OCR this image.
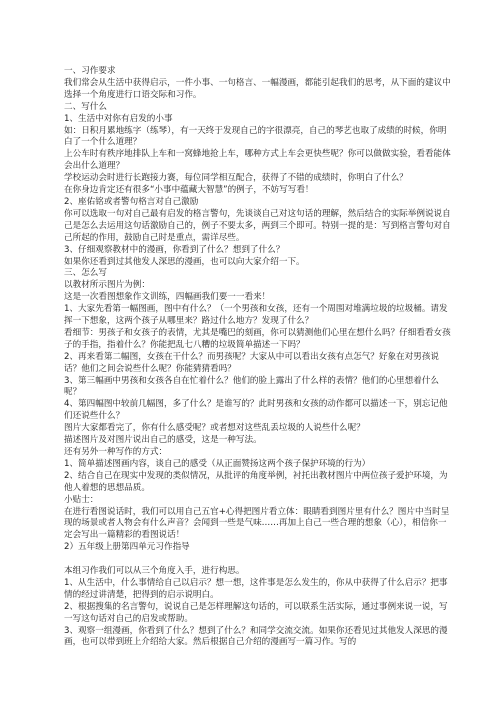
一、习作要求

我们常会从生活中获得启示，一件小事、一句格言、一幅漫画，都能引起我们的思考，从下面的建议中选择一个角度进行口语交际和习作。

二、写什么

1、生活中对你有启发的小事

如：日积月累地练字（练琴），有一天终于发现自己的字很漂亮，自己的琴艺也取了成绩的时候，你明白了一个什么道理？

上公车时有秩序地排队上车和一窝蜂地抢上车，哪种方式上车会更快些呢？你可以做做实验，看看能体会出什么道理？

学校运动会时进行长跑接力赛，每位同学相互配合，获得了不错的成绩时，你明白了什么？

在你身边肯定还有很多“小事中蕴藏大智慧”的例子，不妨写写看！

2、座佑铭或者警句格言对自己激励

你可以选取一句对自己最有启发的格言警句，先谈谈自己对这句话的理解，然后结合的实际举例说说自己是怎么去运用这句话激励自己的，例子不要太多，两到三个即可。特别一提的是：写到格言警句对自己所起的作用，鼓励自己时是重点，需详尽些。

3、仔细观察教材中的漫画，你看到了什么？想到了什么？

如果你还看到过其他发人深思的漫画，也可以向大家介绍一下。

三、怎么写

以教材所示图片为例：

这是一次看图想象作文训练，四幅画我们要一一看来！

1、大家先看第一幅图画，图中有什么？（一个男孩和女孩，还有一个周围对堆满垃圾的垃圾桶。请发挥一下想象，这两个孩子从哪里来？路过什么地方？发现了什么？

看细节：男孩子和女孩子的表情，尤其是嘴巴的刻画，你可以猜测他们心里在想什么吗？仔细看看女孩子的手指，指着什么？你能把乱七八糟的垃圾简单描述一下吗？

2、再来看第二幅图，女孩在干什么？而男孩呢？大家从中可以看出女孩有点怎气？好象在对男孩说话？他们之间会说些什么呢？你能猜猜看吗？

3、第三幅画中男孩和女孩各自在忙着什么？他们的脸上露出了什么样的表情？他们的心里想着什么呢？

4、第四幅图中较前几幅图，多了什么？是谁写的？此时男孩和女孩的动作都可以描述一下，别忘记他们还说些什么？

图片大家都看完了，你有什么感受呢？或者想对这些乱丢垃圾的人说些什么呢？

描述图片及对图片说出自己的感受，这是一种写法。

还有另外一种写作的方式：

1、简单描述图画内容，谈自己的感受（从正面赞扬这两个孩子保护环境的行为）

2、结合自己在现实中发现的类似情况，从批评的角度举例，衬托出教材图片中两位孩子爱护环境，为他人着想的思想品质。

小贴士：

在进行看图说话时，我们可以用自己五官+心得把图片看立体：眼睛看到图片里有什么？图片中当时呈现的场景或者人物会有什么声音？会闻到一些是气味……再加上自己一些合理的想象（心），相信你一定会写出一篇精彩的看图说话！

2）五年级上册第四单元习作指导

本组习作我们可以从三个角度入手，进行构思。

1、从生活中，什么事情给自己以启示？想一想，这件事是怎么发生的，你从中获得了什么启示？把事情的经过讲清楚，把得到的启示说明白。

2、根据搜集的名言警句，说说自己是怎样理解这句话的，可以联系生活实际，通过事例来说一说，写一写这句话对自己的启发或帮助。

3、观察一组漫画，你看到了什么？想到了什么？和同学交流交流。如果你还看见过其他发人深思的漫画，也可以带到班上介绍给大家。然后根据自己介绍的漫画写一篇习作。写的
